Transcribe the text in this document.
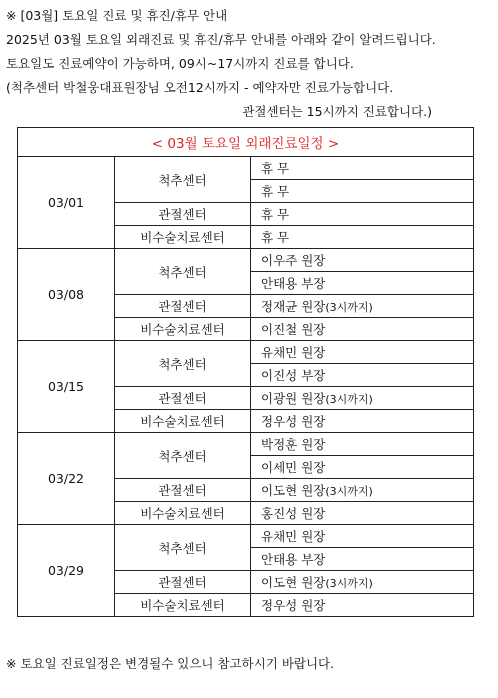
※ [03월] 토요일 진료 및 휴진/휴무 안내
2025년 03월 토요일 외래진료 및 휴진/휴무 안내를 아래와 같이 알려드립니다.
토요일도 진료예약이 가능하며, 09시~17시까지 진료를 합니다.
(척추센터 박철웅대표원장님 오전12시까지 - 예약자만 진료가능합니다.
관절센터는 15시까지 진료합니다.)
< 03월 토요일 외래진료일정 >		
03/01	척추센터	휴 무
		휴 무
	관절센터	휴 무
	비수술치료센터	휴 무
03/08	척추센터	이우주 원장
		안태용 부장
	관절센터	정재균 원장(3시까지)
	비수술치료센터	이진철 원장
03/15	척추센터	유채민 원장
		이진성 부장
	관절센터	이광원 원장(3시까지)
	비수술치료센터	정우성 원장
03/22	척추센터	박정훈 원장
		이세민 원장
	관절센터	이도현 원장(3시까지)
	비수술치료센터	홍진성 원장
03/29	척추센터	유채민 원장
		안태용 부장
	관절센터	이도현 원장(3시까지)
	비수술치료센터	정우성 원장
※ 토요일 진료일정은 변경될수 있으니 참고하시기 바랍니다.
